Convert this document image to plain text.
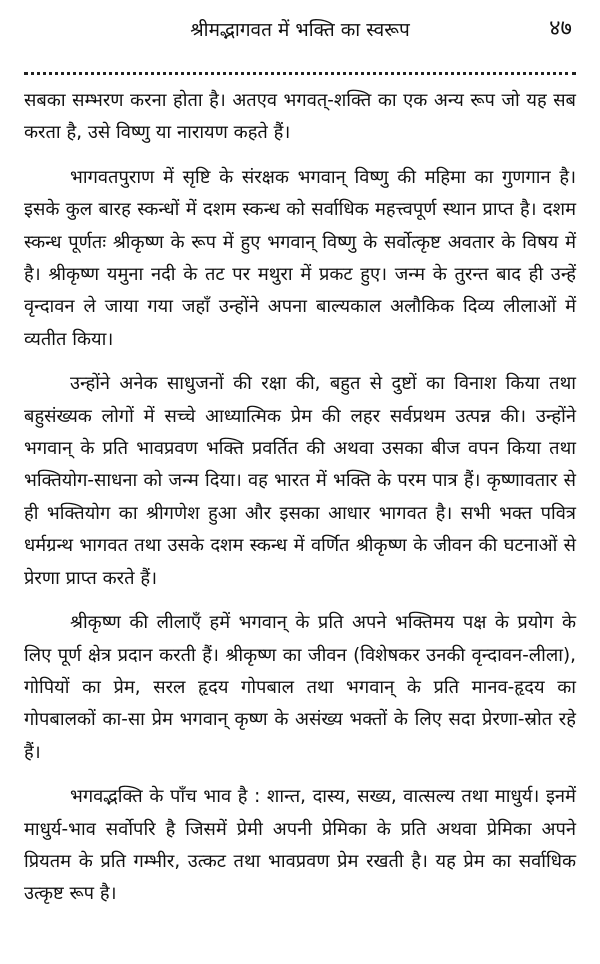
श्रीमद्भागवत में भक्ति का स्वरूप	४७

सबका सम्भरण करना होता है। अतएव भगवत्-शक्ति का एक अन्य रूप जो यह सब करता है, उसे विष्णु या नारायण कहते हैं।

भागवतपुराण में सृष्टि के संरक्षक भगवान् विष्णु की महिमा का गुणगान है। इसके कुल बारह स्कन्धों में दशम स्कन्ध को सर्वाधिक महत्त्वपूर्ण स्थान प्राप्त है। दशम स्कन्ध पूर्णतः श्रीकृष्ण के रूप में हुए भगवान् विष्णु के सर्वोत्कृष्ट अवतार के विषय में है। श्रीकृष्ण यमुना नदी के तट पर मथुरा में प्रकट हुए। जन्म के तुरन्त बाद ही उन्हें वृन्दावन ले जाया गया जहाँ उन्होंने अपना बाल्यकाल अलौकिक दिव्य लीलाओं में व्यतीत किया।

उन्होंने अनेक साधुजनों की रक्षा की, बहुत से दुष्टों का विनाश किया तथा बहुसंख्यक लोगों में सच्चे आध्यात्मिक प्रेम की लहर सर्वप्रथम उत्पन्न की। उन्होंने भगवान् के प्रति भावप्रवण भक्ति प्रवर्तित की अथवा उसका बीज वपन किया तथा भक्तियोग-साधना को जन्म दिया। वह भारत में भक्ति के परम पात्र हैं। कृष्णावतार से ही भक्तियोग का श्रीगणेश हुआ और इसका आधार भागवत है। सभी भक्त पवित्र धर्मग्रन्थ भागवत तथा उसके दशम स्कन्ध में वर्णित श्रीकृष्ण के जीवन की घटनाओं से प्रेरणा प्राप्त करते हैं।

श्रीकृष्ण की लीलाएँ हमें भगवान् के प्रति अपने भक्तिमय पक्ष के प्रयोग के लिए पूर्ण क्षेत्र प्रदान करती हैं। श्रीकृष्ण का जीवन (विशेषकर उनकी वृन्दावन-लीला), गोपियों का प्रेम, सरल हृदय गोपबाल तथा भगवान् के प्रति मानव-हृदय का गोपबालकों का-सा प्रेम भगवान् कृष्ण के असंख्य भक्तों के लिए सदा प्रेरणा-स्रोत रहे हैं।

भगवद्भक्ति के पाँच भाव है : शान्त, दास्य, सख्य, वात्सल्य तथा माधुर्य। इनमें माधुर्य-भाव सर्वोपरि है जिसमें प्रेमी अपनी प्रेमिका के प्रति अथवा प्रेमिका अपने प्रियतम के प्रति गम्भीर, उत्कट तथा भावप्रवण प्रेम रखती है। यह प्रेम का सर्वाधिक उत्कृष्ट रूप है।
